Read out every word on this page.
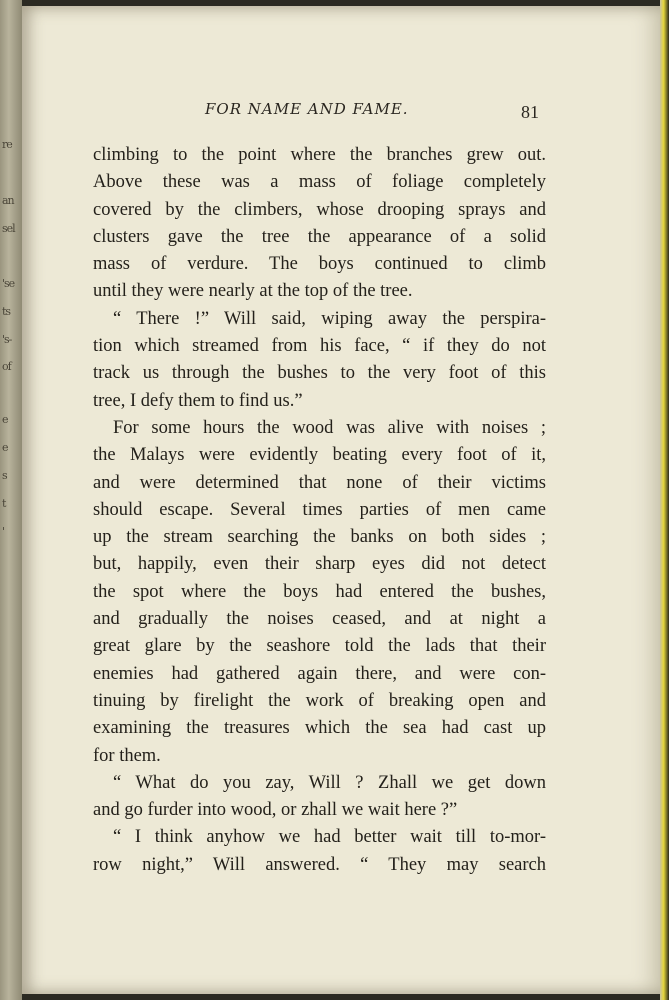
re
an
sel
'se
ts
's-
of
e
e
s
t
'
FOR NAME AND FAME.	81
climbing to the point where the branches grew out.
Above these was a mass of foliage completely
covered by the climbers, whose drooping sprays and
clusters gave the tree the appearance of a solid
mass of verdure. The boys continued to climb
until they were nearly at the top of the tree.
“ There !” Will said, wiping away the perspira-
tion which streamed from his face, “ if they do not
track us through the bushes to the very foot of this
tree, I defy them to find us.”
For some hours the wood was alive with noises ;
the Malays were evidently beating every foot of it,
and were determined that none of their victims
should escape. Several times parties of men came
up the stream searching the banks on both sides ;
but, happily, even their sharp eyes did not detect
the spot where the boys had entered the bushes,
and gradually the noises ceased, and at night a
great glare by the seashore told the lads that their
enemies had gathered again there, and were con-
tinuing by firelight the work of breaking open and
examining the treasures which the sea had cast up
for them.
“ What do you zay, Will ? Zhall we get down
and go furder into wood, or zhall we wait here ?”
“ I think anyhow we had better wait till to-mor-
row night,” Will answered. “ They may search
